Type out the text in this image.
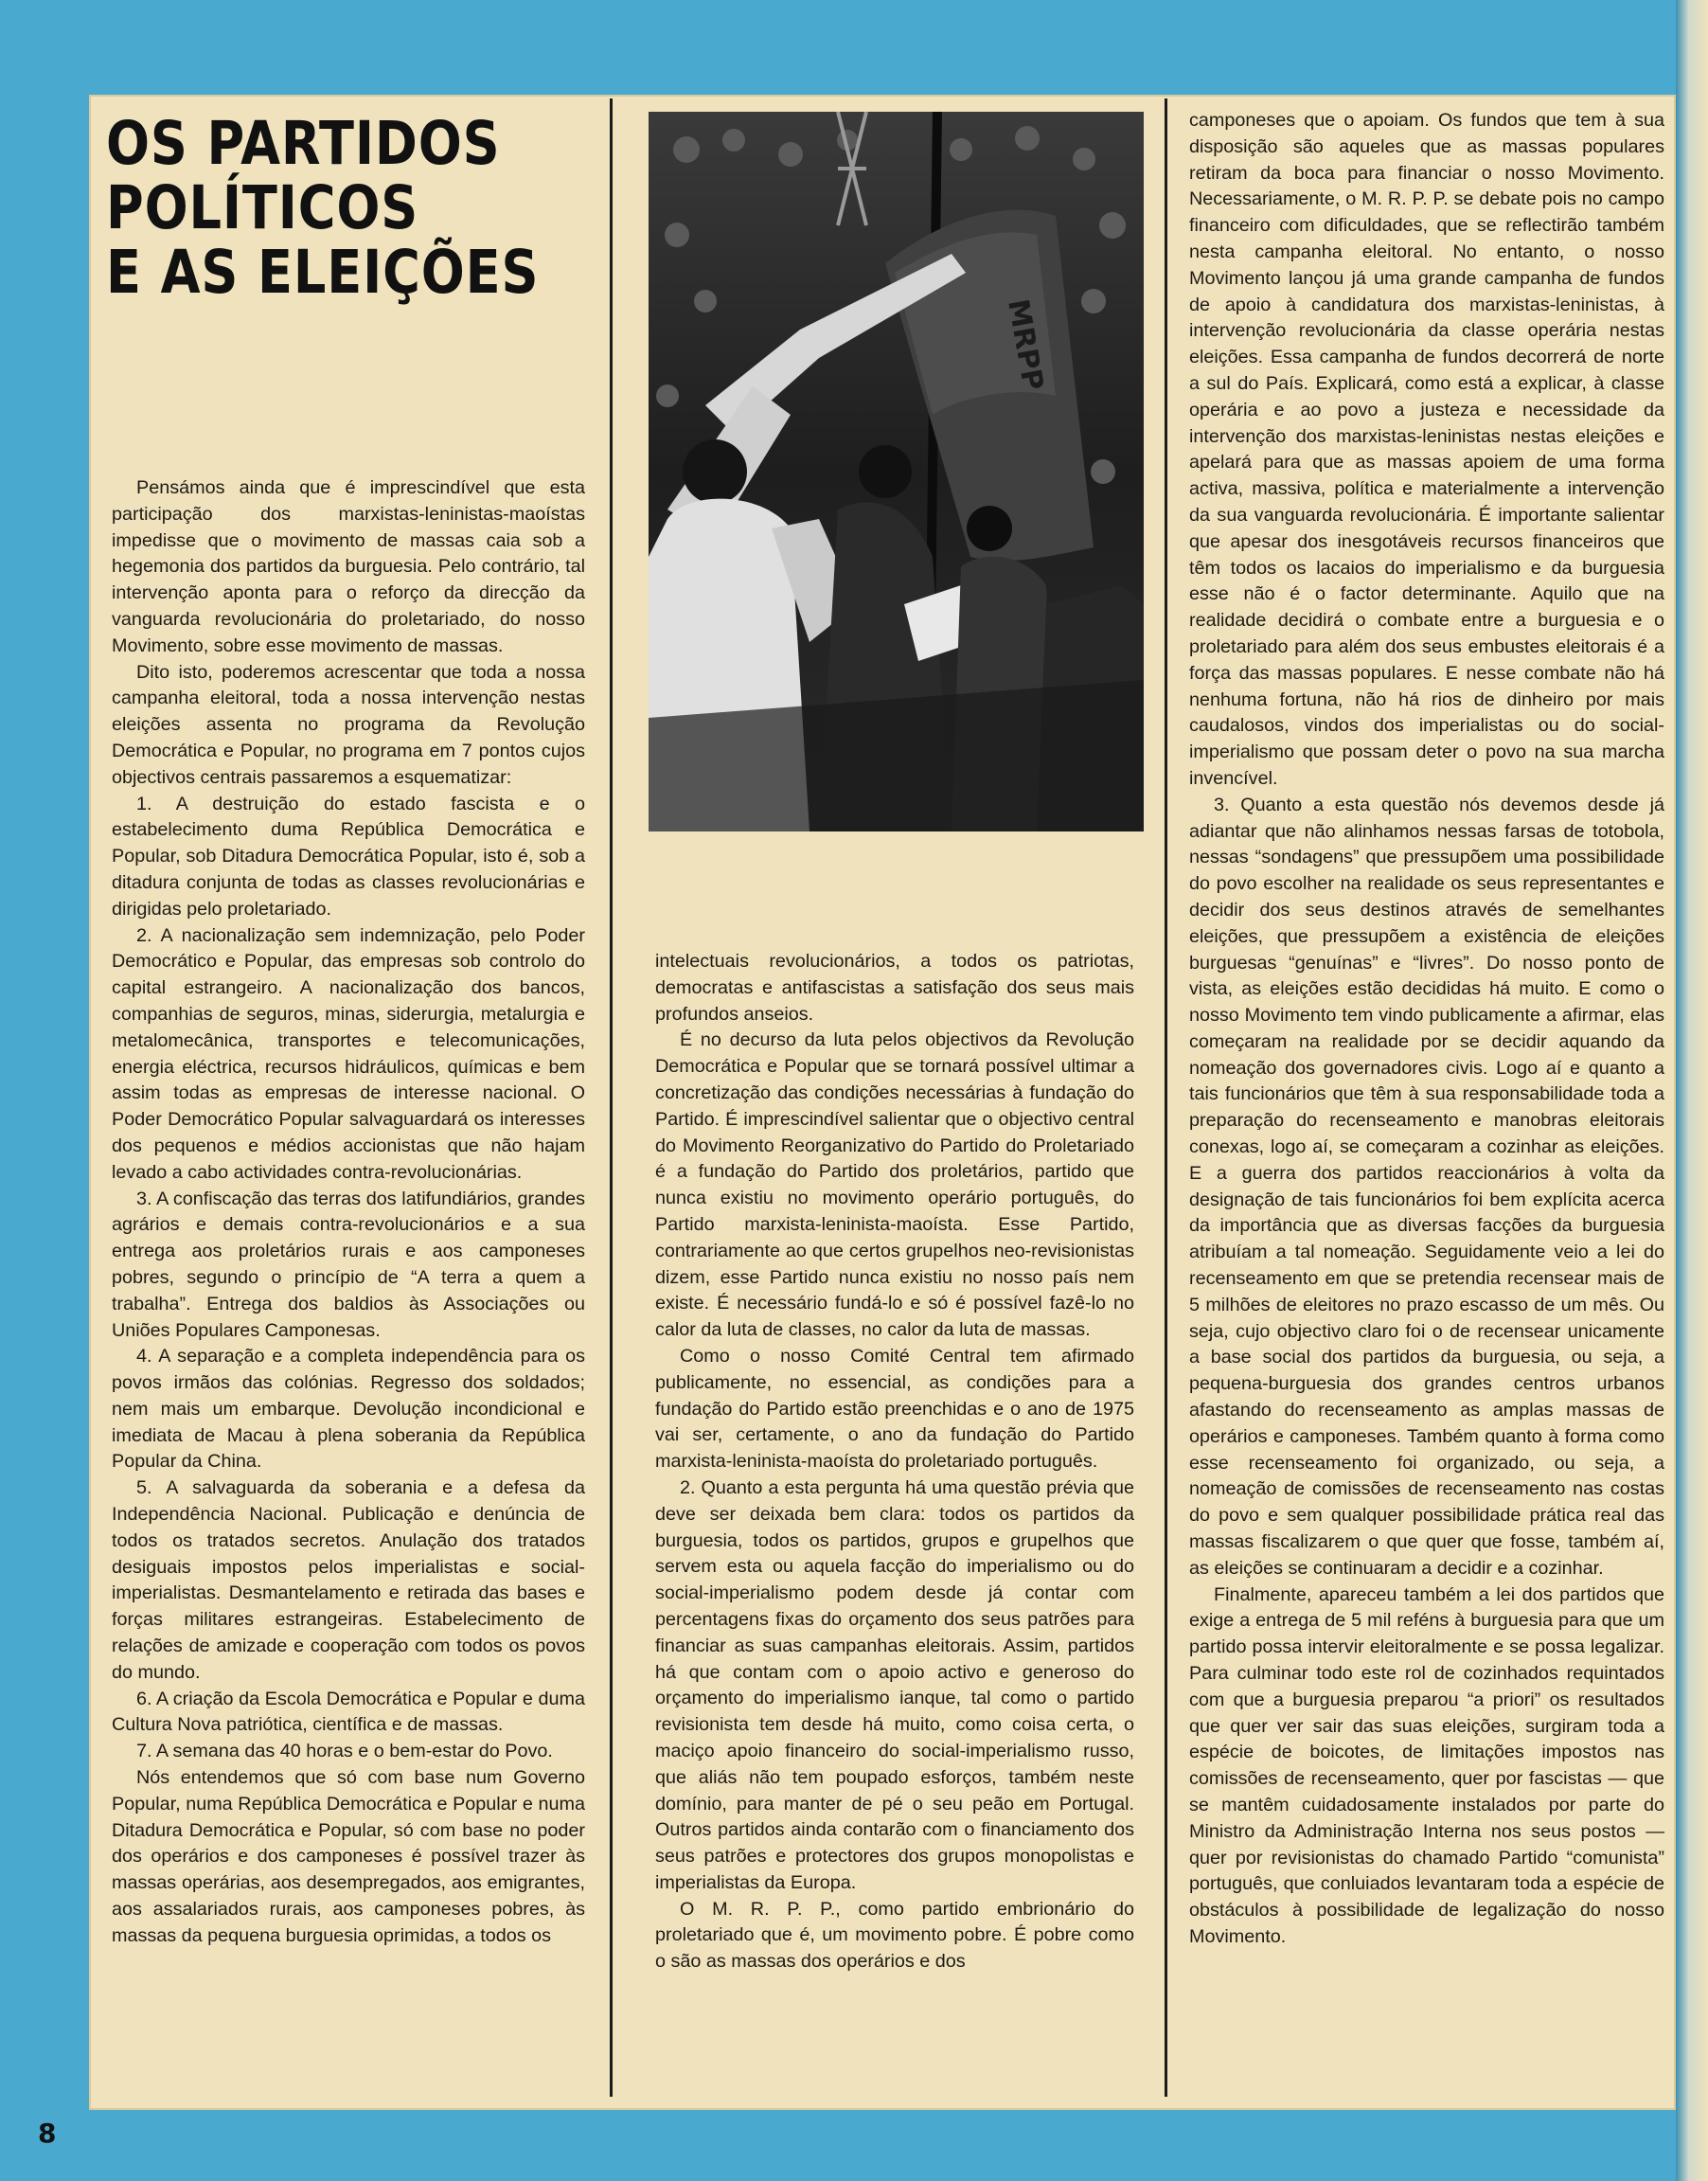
OS PARTIDOS
POLÍTICOS
E AS ELEIÇÕES
MRPP

Pensámos ainda que é imprescindível que esta participação dos marxistas-leninistas-maoístas impedisse que o movimento de massas caia sob a hegemonia dos partidos da burguesia. Pelo contrário, tal intervenção aponta para o reforço da direcção da vanguarda revolucionária do proletariado, do nosso Movimento, sobre esse movimento de massas.

Dito isto, poderemos acrescentar que toda a nossa campanha eleitoral, toda a nossa intervenção nestas eleições assenta no programa da Revolução Democrática e Popular, no programa em 7 pontos cujos objectivos centrais passaremos a esquematizar:

1. A destruição do estado fascista e o estabelecimento duma República Democrática e Popular, sob Ditadura Democrática Popular, isto é, sob a ditadura conjunta de todas as classes revolucionárias e dirigidas pelo proletariado.

2. A nacionalização sem indemnização, pelo Poder Democrático e Popular, das empresas sob controlo do capital estrangeiro. A nacionalização dos bancos, companhias de seguros, minas, siderurgia, metalurgia e metalomecânica, transportes e telecomunicações, energia eléctrica, recursos hidráulicos, químicas e bem assim todas as empresas de interesse nacional. O Poder Democrático Popular salvaguardará os interesses dos pequenos e médios accionistas que não hajam levado a cabo actividades contra-revolucionárias.

3. A confiscação das terras dos latifundiários, grandes agrários e demais contra-revolucionários e a sua entrega aos proletários rurais e aos camponeses pobres, segundo o princípio de “A terra a quem a trabalha”. Entrega dos baldios às Associações ou Uniões Populares Camponesas.

4. A separação e a completa independência para os povos irmãos das colónias. Regresso dos soldados; nem mais um embarque. Devolução incondicional e imediata de Macau à plena soberania da República Popular da China.

5. A salvaguarda da soberania e a defesa da Independência Nacional. Publicação e denúncia de todos os tratados secretos. Anulação dos tratados desiguais impostos pelos imperialistas e social-imperialistas. Desmantelamento e retirada das bases e forças militares estrangeiras. Estabelecimento de relações de amizade e cooperação com todos os povos do mundo.

6. A criação da Escola Democrática e Popular e duma Cultura Nova patriótica, científica e de massas.

7. A semana das 40 horas e o bem-estar do Povo.

Nós entendemos que só com base num Governo Popular, numa República Democrática e Popular e numa Ditadura Democrática e Popular, só com base no poder dos operários e dos camponeses é possível trazer às massas operárias, aos desempregados, aos emigrantes, aos assalariados rurais, aos camponeses pobres, às massas da pequena burguesia oprimidas, a todos os

intelectuais revolucionários, a todos os patriotas, democratas e antifascistas a satisfação dos seus mais profundos anseios.

É no decurso da luta pelos objectivos da Revolução Democrática e Popular que se tornará possível ultimar a concretização das condições necessárias à fundação do Partido. É imprescindível salientar que o objectivo central do Movimento Reorganizativo do Partido do Proletariado é a fundação do Partido dos proletários, partido que nunca existiu no movimento operário português, do Partido marxista-leninista-maoísta. Esse Partido, contrariamente ao que certos grupelhos neo-revisionistas dizem, esse Partido nunca existiu no nosso país nem existe. É necessário fundá-lo e só é possível fazê-lo no calor da luta de classes, no calor da luta de massas.

Como o nosso Comité Central tem afirmado publicamente, no essencial, as condições para a fundação do Partido estão preenchidas e o ano de 1975 vai ser, certamente, o ano da fundação do Partido marxista-leninista-maoísta do proletariado português.

2. Quanto a esta pergunta há uma questão prévia que deve ser deixada bem clara: todos os partidos da burguesia, todos os partidos, grupos e grupelhos que servem esta ou aquela facção do imperialismo ou do social-imperialismo podem desde já contar com percentagens fixas do orçamento dos seus patrões para financiar as suas campanhas eleitorais. Assim, partidos há que contam com o apoio activo e generoso do orçamento do imperialismo ianque, tal como o partido revisionista tem desde há muito, como coisa certa, o maciço apoio financeiro do social-imperialismo russo, que aliás não tem poupado esforços, também neste domínio, para manter de pé o seu peão em Portugal. Outros partidos ainda contarão com o financiamento dos seus patrões e protectores dos grupos monopolistas e imperialistas da Europa.

O M. R. P. P., como partido embrionário do proletariado que é, um movimento pobre. É pobre como o são as massas dos operários e dos

camponeses que o apoiam. Os fundos que tem à sua disposição são aqueles que as massas populares retiram da boca para financiar o nosso Movimento. Necessariamente, o M. R. P. P. se debate pois no campo financeiro com dificuldades, que se reflectirão também nesta campanha eleitoral. No entanto, o nosso Movimento lançou já uma grande campanha de fundos de apoio à candidatura dos marxistas-leninistas, à intervenção revolucionária da classe operária nestas eleições. Essa campanha de fundos decorrerá de norte a sul do País. Explicará, como está a explicar, à classe operária e ao povo a justeza e necessidade da intervenção dos marxistas-leninistas nestas eleições e apelará para que as massas apoiem de uma forma activa, massiva, política e materialmente a intervenção da sua vanguarda revolucionária. É importante salientar que apesar dos inesgotáveis recursos financeiros que têm todos os lacaios do imperialismo e da burguesia esse não é o factor determinante. Aquilo que na realidade decidirá o combate entre a burguesia e o proletariado para além dos seus embustes eleitorais é a força das massas populares. E nesse combate não há nenhuma fortuna, não há rios de dinheiro por mais caudalosos, vindos dos imperialistas ou do social-imperialismo que possam deter o povo na sua marcha invencível.

3. Quanto a esta questão nós devemos desde já adiantar que não alinhamos nessas farsas de totobola, nessas “sondagens” que pressupõem uma possibilidade do povo escolher na realidade os seus representantes e decidir dos seus destinos através de semelhantes eleições, que pressupõem a existência de eleições burguesas “genuínas” e “livres”. Do nosso ponto de vista, as eleições estão decididas há muito. E como o nosso Movimento tem vindo publicamente a afirmar, elas começaram na realidade por se decidir aquando da nomeação dos governadores civis. Logo aí e quanto a tais funcionários que têm à sua responsabilidade toda a preparação do recenseamento e manobras eleitorais conexas, logo aí, se começaram a cozinhar as eleições. E a guerra dos partidos reaccionários à volta da designação de tais funcionários foi bem explícita acerca da importância que as diversas facções da burguesia atribuíam a tal nomeação. Seguidamente veio a lei do recenseamento em que se pretendia recensear mais de 5 milhões de eleitores no prazo escasso de um mês. Ou seja, cujo objectivo claro foi o de recensear unicamente a base social dos partidos da burguesia, ou seja, a pequena-burguesia dos grandes centros urbanos afastando do recenseamento as amplas massas de operários e camponeses. Também quanto à forma como esse recenseamento foi organizado, ou seja, a nomeação de comissões de recenseamento nas costas do povo e sem qualquer possibilidade prática real das massas fiscalizarem o que quer que fosse, também aí, as eleições se continuaram a decidir e a cozinhar.

Finalmente, apareceu também a lei dos partidos que exige a entrega de 5 mil reféns à burguesia para que um partido possa intervir eleitoralmente e se possa legalizar. Para culminar todo este rol de cozinhados requintados com que a burguesia preparou “a priori” os resultados que quer ver sair das suas eleições, surgiram toda a espécie de boicotes, de limitações impostos nas comissões de recenseamento, quer por fascistas — que se mantêm cuidadosamente instalados por parte do Ministro da Administração Interna nos seus postos — quer por revisionistas do chamado Partido “comunista” português, que conluiados levantaram toda a espécie de obstáculos à possibilidade de legalização do nosso Movimento.

8
